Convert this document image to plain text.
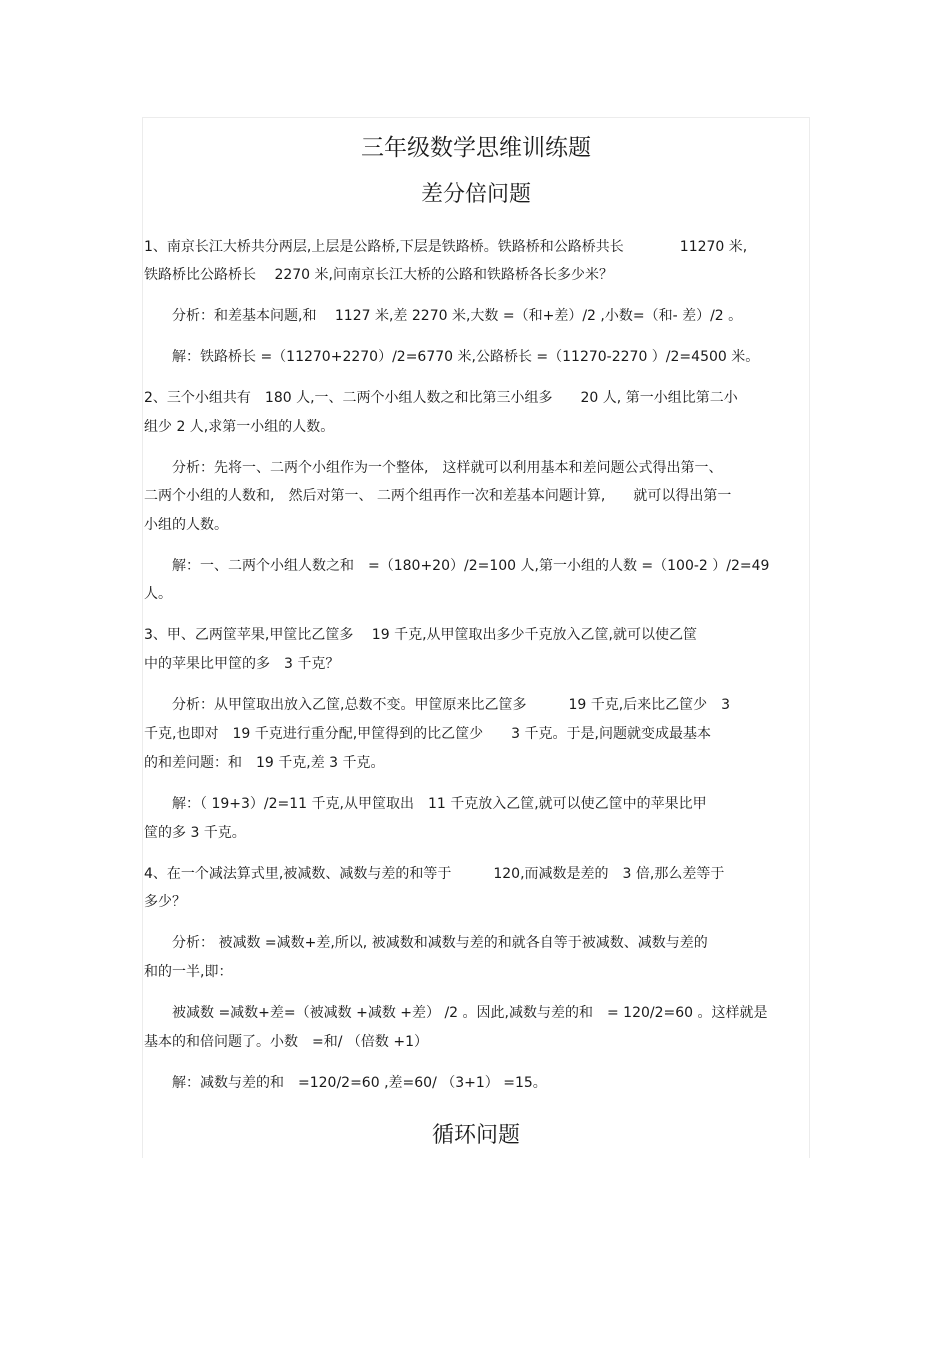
三年级数学思维训练题
差分倍问题
1、南京长江大桥共分两层,上层是公路桥,下层是铁路桥。铁路桥和公路桥共长　　　　11270 米,
铁路桥比公路桥长　 2270 米,问南京长江大桥的公路和铁路桥各长多少米？
　　分析：和差基本问题,和　 1127 米,差 2270 米,大数 =（和+差）/2 ,小数=（和- 差）/2 。
　　解：铁路桥长 =（11270+2270）/2=6770 米,公路桥长 =（11270-2270 ）/2=4500 米。
2、三个小组共有　180 人,一、二两个小组人数之和比第三小组多　　20 人, 第一小组比第二小
组少 2 人,求第一小组的人数。
　　分析：先将一、二两个小组作为一个整体,　这样就可以利用基本和差问题公式得出第一、
二两个小组的人数和,　然后对第一、 二两个组再作一次和差基本问题计算,　　就可以得出第一
小组的人数。
　　解：一、二两个小组人数之和　=（180+20）/2=100 人,第一小组的人数 =（100-2 ）/2=49
人。
3、甲、乙两筐苹果,甲筐比乙筐多　 19 千克,从甲筐取出多少千克放入乙筐,就可以使乙筐
中的苹果比甲筐的多　3 千克？
　　分析：从甲筐取出放入乙筐,总数不变。甲筐原来比乙筐多　　　19 千克,后来比乙筐少　3
千克,也即对　19 千克进行重分配,甲筐得到的比乙筐少　　3 千克。于是,问题就变成最基本
的和差问题：和　19 千克,差 3 千克。
　　解：（ 19+3）/2=11 千克,从甲筐取出　11 千克放入乙筐,就可以使乙筐中的苹果比甲
筐的多 3 千克。
4、在一个减法算式里,被减数、减数与差的和等于　　　120,而减数是差的　3 倍,那么差等于
多少？
　　分析： 被减数 =减数+差,所以, 被减数和减数与差的和就各自等于被减数、减数与差的
和的一半,即：
　　被减数 =减数+差=（被减数 +减数 +差） /2 。因此,减数与差的和　= 120/2=60 。这样就是
基本的和倍问题了。小数　=和/ （倍数 +1）
　　解：减数与差的和　=120/2=60 ,差=60/ （3+1） =15。
循环问题
